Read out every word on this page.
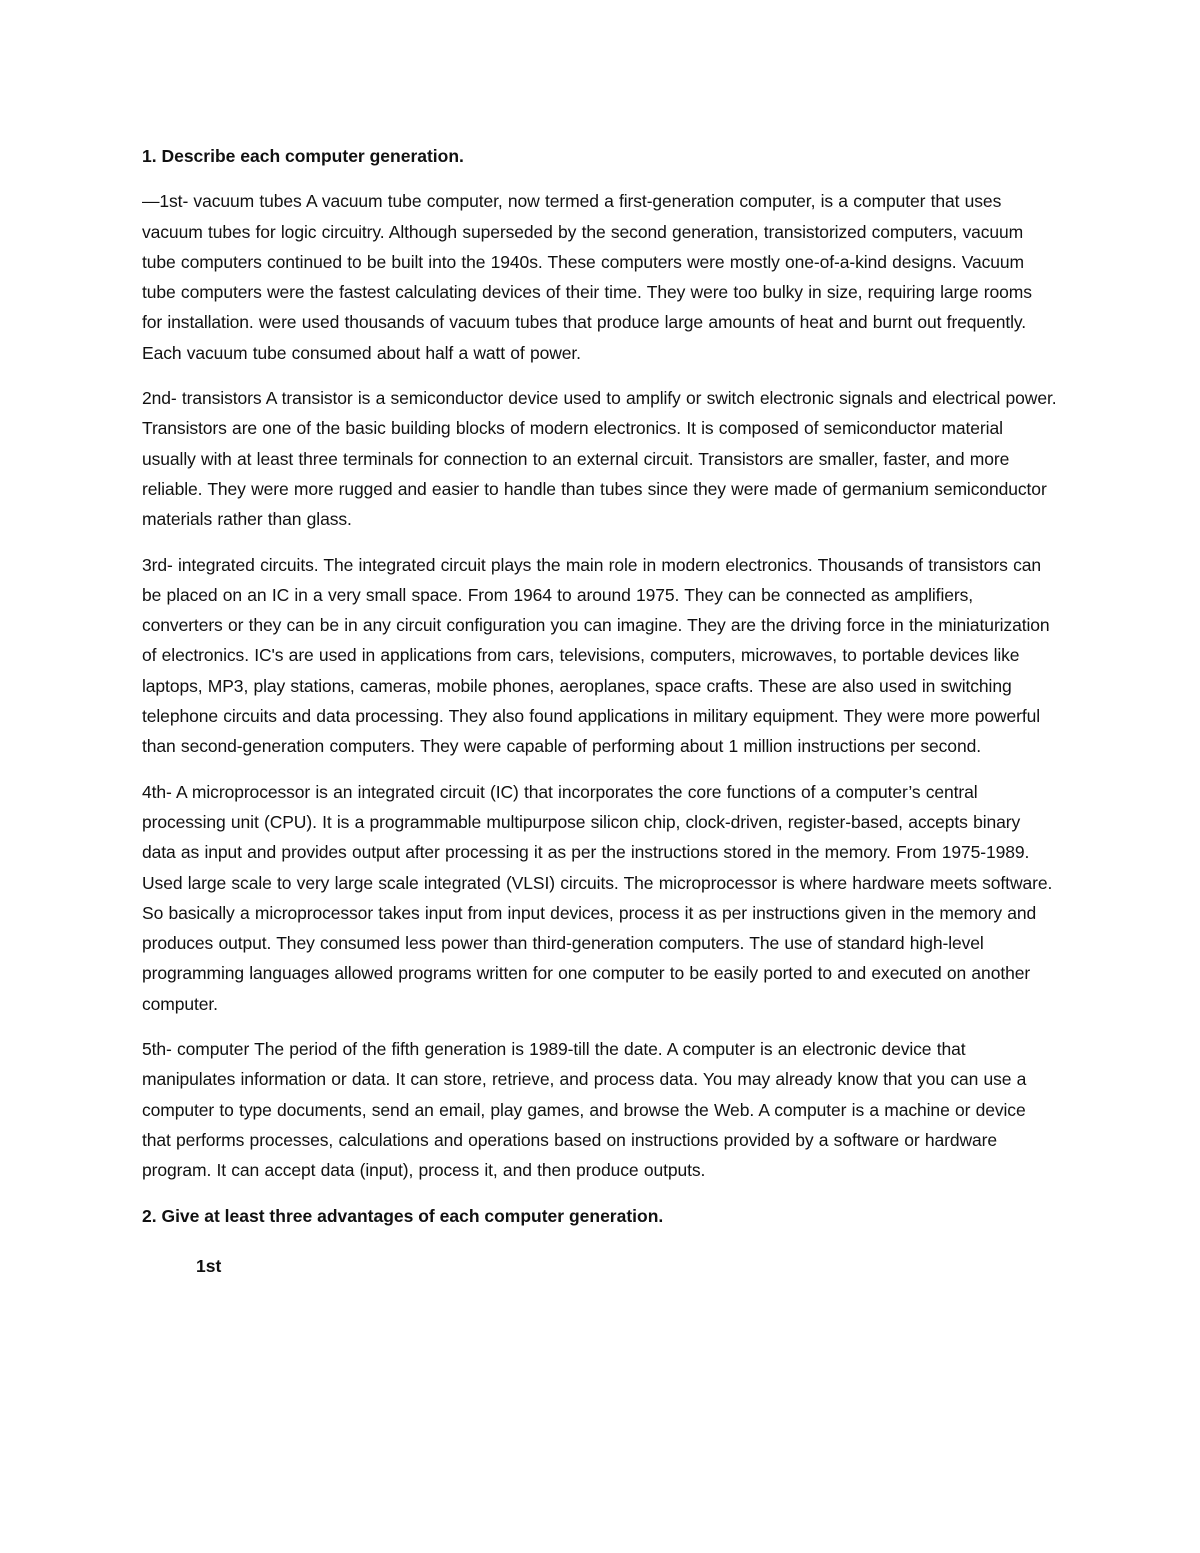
1. Describe each computer generation.

—1st- vacuum tubes A vacuum tube computer, now termed a first-generation computer, is a computer that uses vacuum tubes for logic circuitry. Although superseded by the second generation, transistorized computers, vacuum tube computers continued to be built into the 1940s. These computers were mostly one-of-a-kind designs. Vacuum tube computers were the fastest calculating devices of their time. They were too bulky in size, requiring large rooms for installation. were used thousands of vacuum tubes that produce large amounts of heat and burnt out frequently. Each vacuum tube consumed about half a watt of power.

2nd- transistors A transistor is a semiconductor device used to amplify or switch electronic signals and electrical power. Transistors are one of the basic building blocks of modern electronics. It is composed of semiconductor material usually with at least three terminals for connection to an external circuit. Transistors are smaller, faster, and more reliable. They were more rugged and easier to handle than tubes since they were made of germanium semiconductor materials rather than glass.

3rd- integrated circuits. The integrated circuit plays the main role in modern electronics. Thousands of transistors can be placed on an IC in a very small space. From 1964 to around 1975. They can be connected as amplifiers, converters or they can be in any circuit configuration you can imagine. They are the driving force in the miniaturization of electronics. IC's are used in applications from cars, televisions, computers, microwaves, to portable devices like laptops, MP3, play stations, cameras, mobile phones, aeroplanes, space crafts. These are also used in switching telephone circuits and data processing. They also found applications in military equipment. They were more powerful than second-generation computers. They were capable of performing about 1 million instructions per second.

4th- A microprocessor is an integrated circuit (IC) that incorporates the core functions of a computer’s central processing unit (CPU). It is a programmable multipurpose silicon chip, clock-driven, register-based, accepts binary data as input and provides output after processing it as per the instructions stored in the memory. From 1975-1989. Used large scale to very large scale integrated (VLSI) circuits. The microprocessor is where hardware meets software. So basically a microprocessor takes input from input devices, process it as per instructions given in the memory and produces output. They consumed less power than third-generation computers. The use of standard high-level programming languages allowed programs written for one computer to be easily ported to and executed on another computer.

5th- computer The period of the fifth generation is 1989-till the date. A computer is an electronic device that manipulates information or data. It can store, retrieve, and process data. You may already know that you can use a computer to type documents, send an email, play games, and browse the Web. A computer is a machine or device that performs processes, calculations and operations based on instructions provided by a software or hardware program. It can accept data (input), process it, and then produce outputs.

2. Give at least three advantages of each computer generation.

1st
